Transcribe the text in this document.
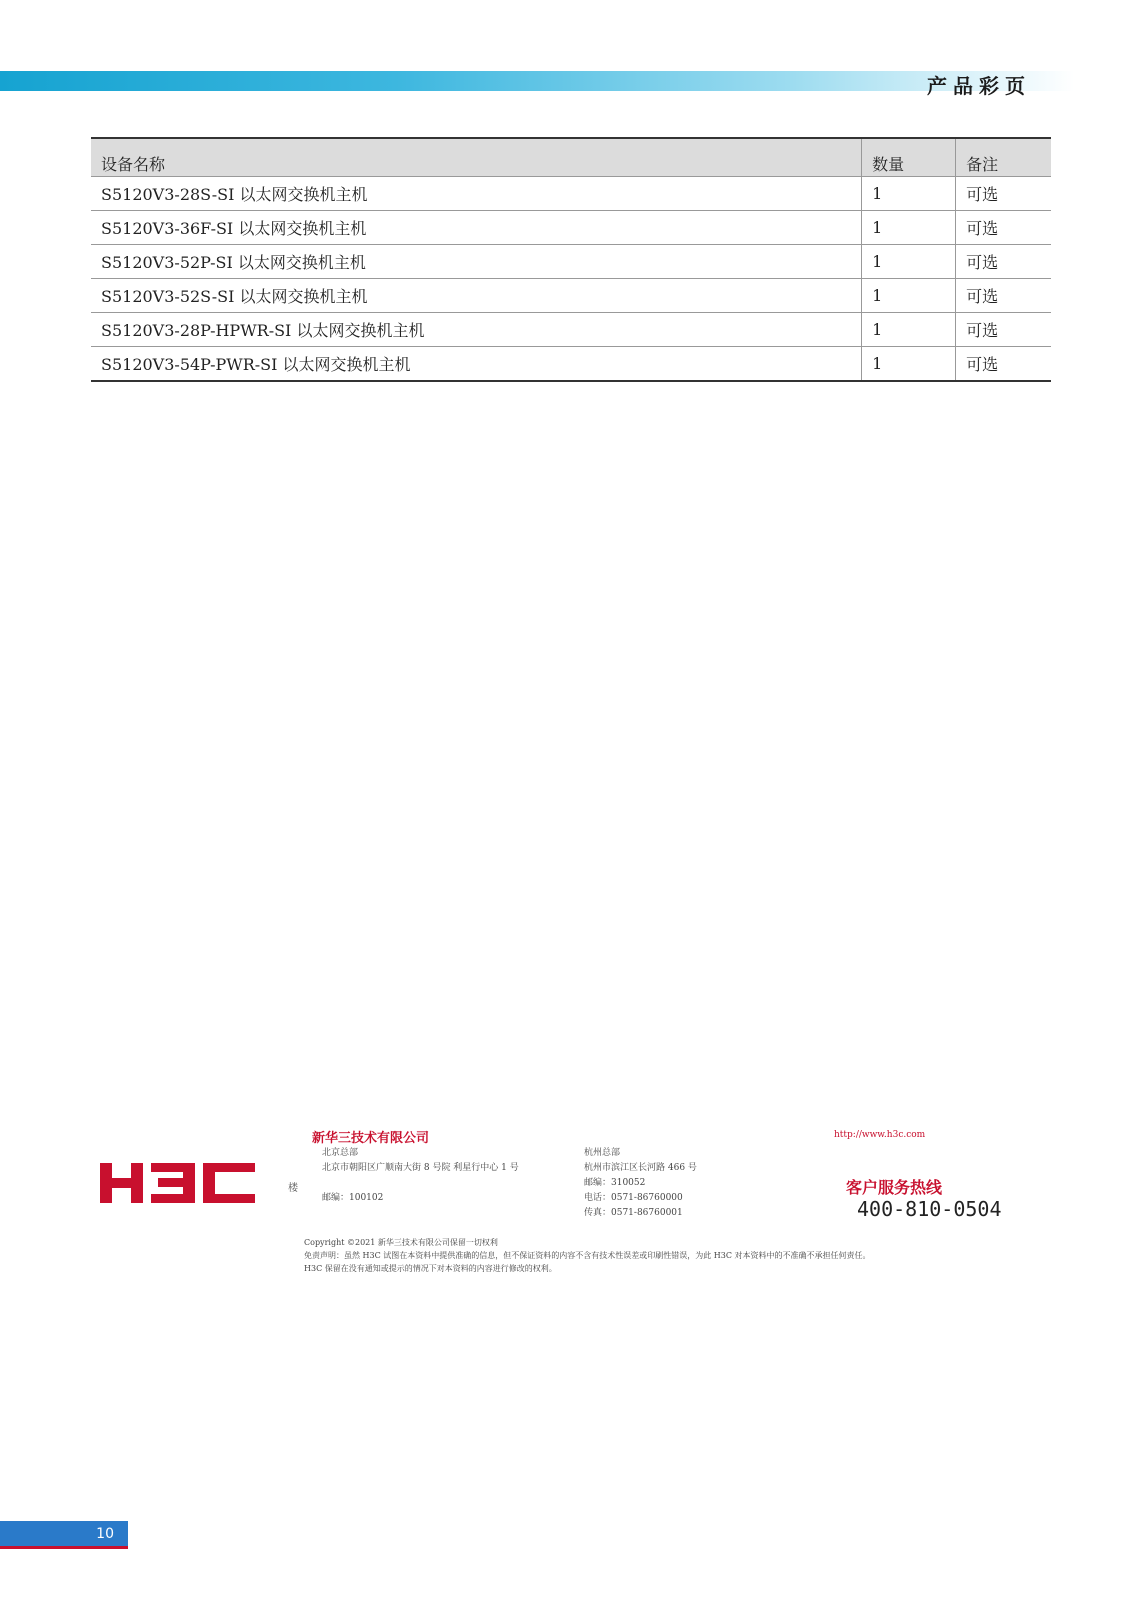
产品彩页
设备名称	数量	备注
S5120V3-28S-SI 以太网交换机主机	1	可选
S5120V3-36F-SI 以太网交换机主机	1	可选
S5120V3-52P-SI 以太网交换机主机	1	可选
S5120V3-52S-SI 以太网交换机主机	1	可选
S5120V3-28P-HPWR-SI 以太网交换机主机	1	可选
S5120V3-54P-PWR-SI 以太网交换机主机	1	可选
楼
新华三技术有限公司
北京总部
北京市朝阳区广顺南大街 8 号院 利星行中心 1 号
邮编：100102
杭州总部
杭州市滨江区长河路 466 号
邮编：310052
电话：0571-86760000
传真：0571-86760001
http://www.h3c.com
客户服务热线
400-810-0504
Copyright ©2021 新华三技术有限公司保留一切权利
免责声明：虽然 H3C 试图在本资料中提供准确的信息，但不保证资料的内容不含有技术性误差或印刷性错误，为此 H3C 对本资料中的不准确不承担任何责任。
H3C 保留在没有通知或提示的情况下对本资料的内容进行修改的权利。
10
